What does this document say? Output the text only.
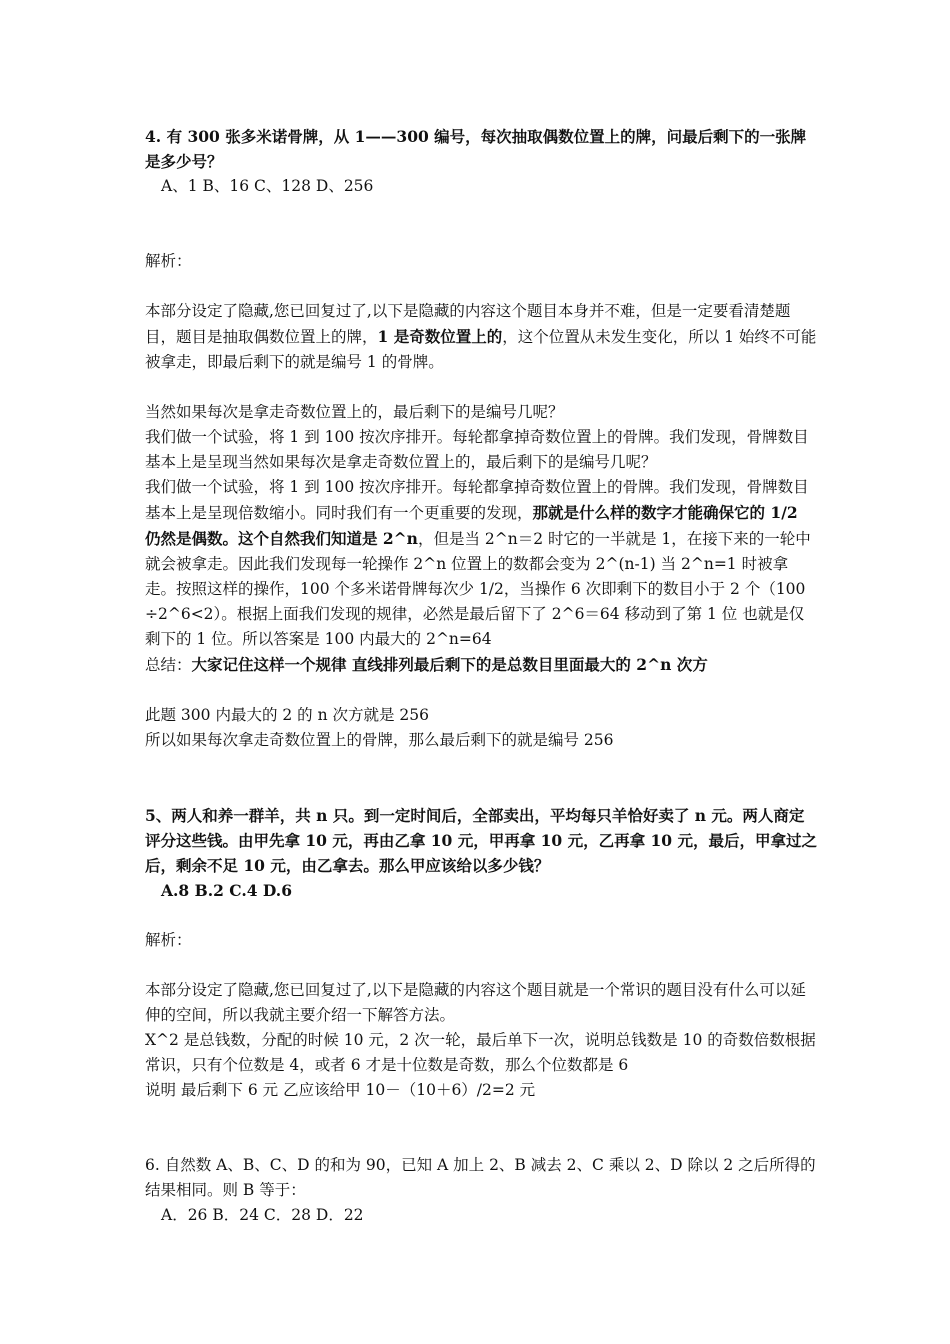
4. 有 300 张多米诺骨牌，从 1——300 编号，每次抽取偶数位置上的牌，问最后剩下的一张牌是多少号？

A、1 B、16 C、128 D、256

解析：

本部分设定了隐藏,您已回复过了,以下是隐藏的内容这个题目本身并不难，但是一定要看清楚题目，题目是抽取偶数位置上的牌，1 是奇数位置上的，这个位置从未发生变化，所以 1 始终不可能被拿走，即最后剩下的就是编号 1 的骨牌。

当然如果每次是拿走奇数位置上的，最后剩下的是编号几呢？

我们做一个试验，将 1 到 100 按次序排开。每轮都拿掉奇数位置上的骨牌。我们发现，骨牌数目基本上是呈现当然如果每次是拿走奇数位置上的，最后剩下的是编号几呢？

我们做一个试验，将 1 到 100 按次序排开。每轮都拿掉奇数位置上的骨牌。我们发现，骨牌数目基本上是呈现倍数缩小。同时我们有一个更重要的发现，那就是什么样的数字才能确保它的 1/2 仍然是偶数。这个自然我们知道是 2^n，但是当 2^n＝2 时它的一半就是 1，在接下来的一轮中就会被拿走。因此我们发现每一轮操作 2^n 位置上的数都会变为 2^(n-1) 当 2^n=1 时被拿走。按照这样的操作，100 个多米诺骨牌每次少 1/2，当操作 6 次即剩下的数目小于 2 个（100÷2^6<2）。根据上面我们发现的规律，必然是最后留下了 2^6＝64 移动到了第 1 位 也就是仅剩下的 1 位。所以答案是 100 内最大的 2^n=64

总结：大家记住这样一个规律 直线排列最后剩下的是总数目里面最大的 2^n 次方

此题 300 内最大的 2 的 n 次方就是 256

所以如果每次拿走奇数位置上的骨牌，那么最后剩下的就是编号 256

5、两人和养一群羊，共 n 只。到一定时间后，全部卖出，平均每只羊恰好卖了 n 元。两人商定评分这些钱。由甲先拿 10 元，再由乙拿 10 元，甲再拿 10 元，乙再拿 10 元，最后，甲拿过之后，剩余不足 10 元，由乙拿去。那么甲应该给以多少钱？

A.8 B.2 C.4 D.6

解析：

本部分设定了隐藏,您已回复过了,以下是隐藏的内容这个题目就是一个常识的题目没有什么可以延伸的空间，所以我就主要介绍一下解答方法。

X^2 是总钱数，分配的时候 10 元，2 次一轮，最后单下一次，说明总钱数是 10 的奇数倍数根据常识，只有个位数是 4，或者 6 才是十位数是奇数，那么个位数都是 6

说明 最后剩下 6 元 乙应该给甲 10－（10＋6）/2=2 元

6. 自然数 A、B、C、D 的和为 90，已知 A 加上 2、B 减去 2、C 乘以 2、D 除以 2 之后所得的结果相同。则 B 等于：

A．26 B．24 C．28 D．22
